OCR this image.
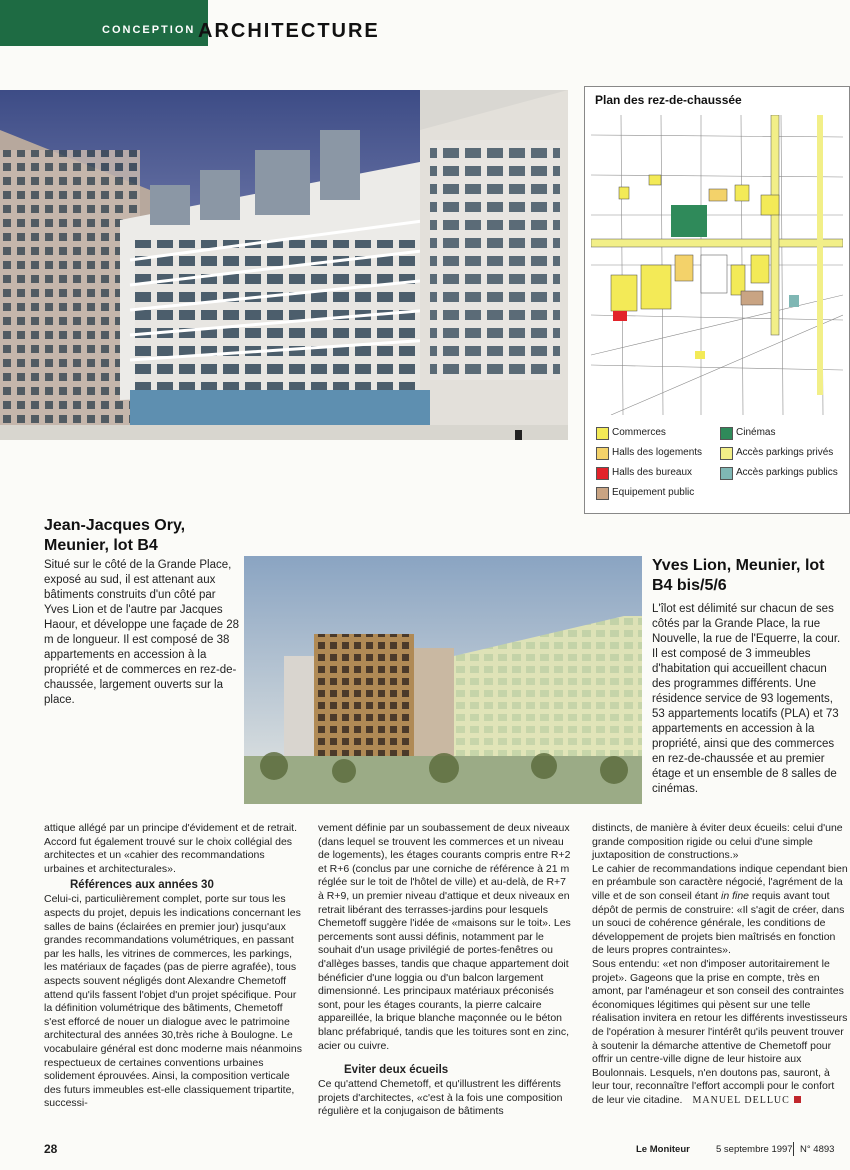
CONCEPTION ARCHITECTURE
Plan des rez-de-chaussée
Commerces	Cinémas
Halls des logements	Accès parkings privés
Halls des bureaux	Accès parkings publics
Equipement public
Jean-Jacques Ory,
Meunier, lot B4
Situé sur le côté de la Grande Place, exposé au sud, il est attenant aux bâtiments construits d'un côté par Yves Lion et de l'autre par Jacques Haour, et développe une façade de 28 m de longueur. Il est composé de 38 appartements en accession à la propriété et de commerces en rez-de-chaussée, largement ouverts sur la place.
Yves Lion, Meunier, lot
B4 bis/5/6
L'îlot est délimité sur chacun de ses côtés par la Grande Place, la rue Nouvelle, la rue de l'Equerre, la cour. Il est composé de 3 immeubles d'habitation qui accueillent chacun des programmes différents. Une résidence service de 93 logements, 53 appartements locatifs (PLA) et 73 appartements en accession à la propriété, ainsi que des commerces en rez-de-chaussée et au premier étage et un ensemble de 8 salles de cinémas.

attique allégé par un principe d'évidement et de retrait. Accord fut également trouvé sur le choix collégial des architectes et un «cahier des recommandations urbaines et architecturales».

Références aux années 30

Celui-ci, particulièrement complet, porte sur tous les aspects du projet, depuis les indications concernant les salles de bains (éclairées en premier jour) jusqu'aux grandes recommandations volumétriques, en passant par les halls, les vitrines de commerces, les parkings, les matériaux de façades (pas de pierre agrafée), tous aspects souvent négligés dont Alexandre Chemetoff attend qu'ils fassent l'objet d'un projet spécifique. Pour la définition volumétrique des bâtiments, Chemetoff s'est efforcé de nouer un dialogue avec le patrimoine architectural des années 30,très riche à Boulogne. Le vocabulaire général est donc moderne mais néanmoins respectueux de certaines conventions urbaines solidement éprouvées. Ainsi, la composition verticale des futurs immeubles est-elle classiquement tripartite, successi-

vement définie par un soubassement de deux niveaux (dans lequel se trouvent les commerces et un niveau de logements), les étages courants compris entre R+2 et R+6 (conclus par une corniche de référence à 21 m réglée sur le toit de l'hôtel de ville) et au-delà, de R+7 à R+9, un premier niveau d'attique et deux niveaux en retrait libérant des terrasses-jardins pour lesquels Chemetoff suggère l'idée de «maisons sur le toit». Les percements sont aussi définis, notamment par le souhait d'un usage privilégié de portes-fenêtres ou d'allèges basses, tandis que chaque appartement doit bénéficier d'une loggia ou d'un balcon largement dimensionné. Les principaux matériaux préconisés sont, pour les étages courants, la pierre calcaire appareillée, la brique blanche maçonnée ou le béton blanc préfabriqué, tandis que les toitures sont en zinc, acier ou cuivre.

Eviter deux écueils

Ce qu'attend Chemetoff, et qu'illustrent les différents projets d'architectes, «c'est à la fois une composition régulière et la conjugaison de bâtiments

distincts, de manière à éviter deux écueils: celui d'une grande composition rigide ou celui d'une simple juxtaposition de constructions.»

Le cahier de recommandations indique cependant bien en préambule son caractère négocié, l'agrément de la ville et de son conseil étant in fine requis avant tout dépôt de permis de construire: «Il s'agit de créer, dans un souci de cohérence générale, les conditions de développement de projets bien maîtrisés en fonction de leurs propres contraintes».

Sous entendu: «et non d'imposer autoritairement le projet». Gageons que la prise en compte, très en amont, par l'aménageur et son conseil des contraintes économiques légitimes qui pèsent sur une telle réalisation invitera en retour les différents investisseurs de l'opération à mesurer l'intérêt qu'ils peuvent trouver à soutenir la démarche attentive de Chemetoff pour offrir un centre-ville digne de leur histoire aux Boulonnais. Lesquels, n'en doutons pas, sauront, à leur tour, reconnaître l'effort accompli pour le confort de leur vie citadine. MANUEL DELLUC

28	Le Moniteur	5 septembre 1997 N° 4893
